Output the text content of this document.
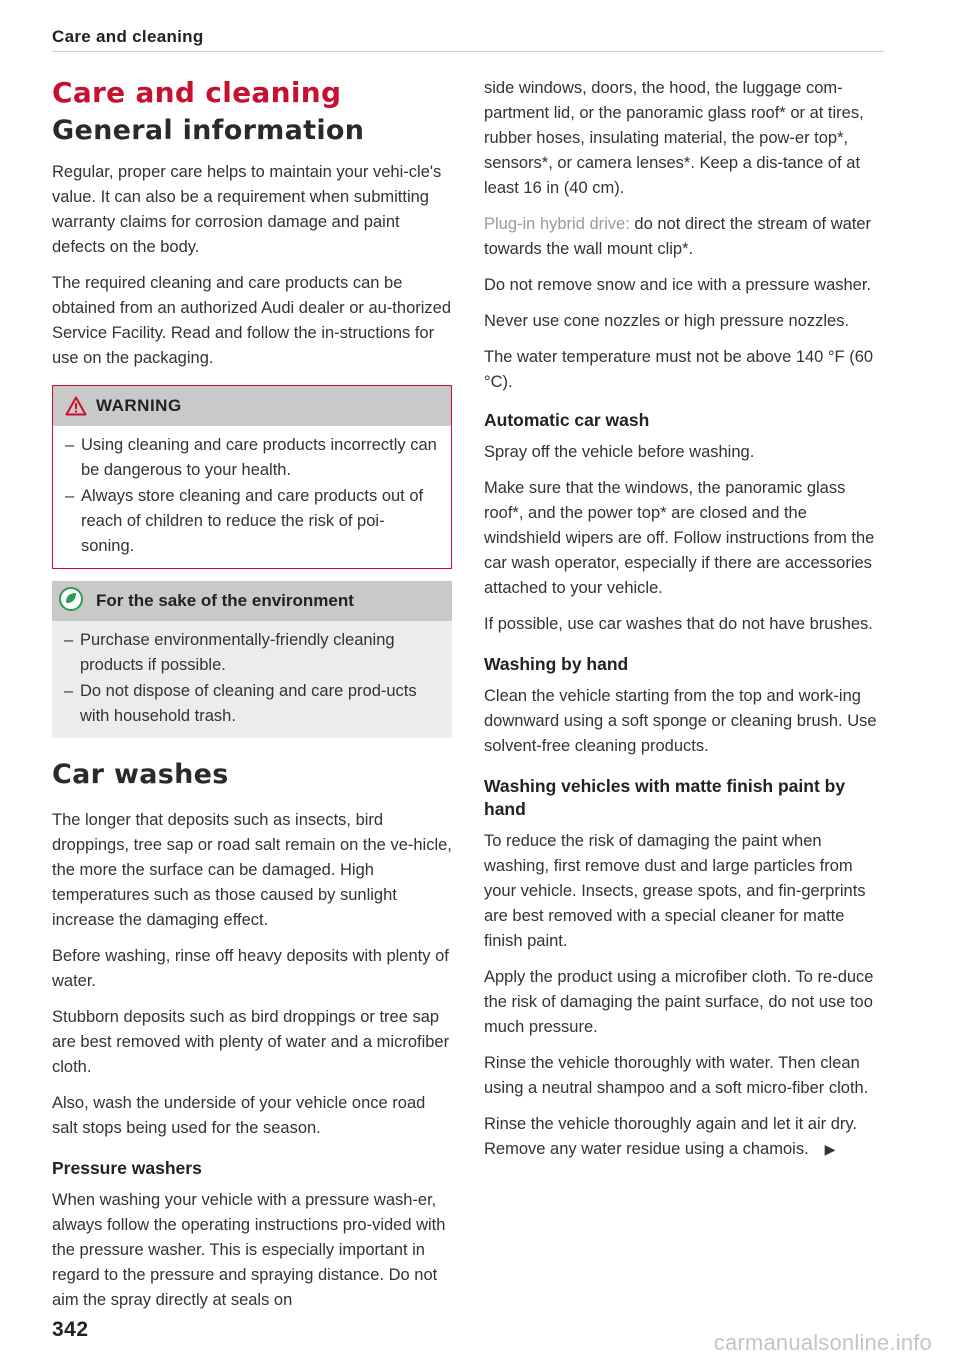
Care and cleaning
Care and cleaning
General information

Regular, proper care helps to maintain your vehi-cle's value. It can also be a requirement when submitting warranty claims for corrosion damage and paint defects on the body.

The required cleaning and care products can be obtained from an authorized Audi dealer or au-thorized Service Facility. Read and follow the in-structions for use on the packaging.

WARNING
– Using cleaning and care products incorrectly can be dangerous to your health.
– Always store cleaning and care products out of reach of children to reduce the risk of poi-soning.
For the sake of the environment
– Purchase environmentally-friendly cleaning products if possible.
– Do not dispose of cleaning and care prod-ucts with household trash.
Car washes

The longer that deposits such as insects, bird droppings, tree sap or road salt remain on the ve-hicle, the more the surface can be damaged. High temperatures such as those caused by sunlight increase the damaging effect.

Before washing, rinse off heavy deposits with plenty of water.

Stubborn deposits such as bird droppings or tree sap are best removed with plenty of water and a microfiber cloth.

Also, wash the underside of your vehicle once road salt stops being used for the season.

Pressure washers

When washing your vehicle with a pressure wash-er, always follow the operating instructions pro-vided with the pressure washer. This is especially important in regard to the pressure and spraying distance. Do not aim the spray directly at seals on

side windows, doors, the hood, the luggage com-partment lid, or the panoramic glass roof* or at tires, rubber hoses, insulating material, the pow-er top*, sensors*, or camera lenses*. Keep a dis-tance of at least 16 in (40 cm).

Plug-in hybrid drive: do not direct the stream of water towards the wall mount clip*.

Do not remove snow and ice with a pressure washer.

Never use cone nozzles or high pressure nozzles.

The water temperature must not be above 140 °F (60 °C).

Automatic car wash

Spray off the vehicle before washing.

Make sure that the windows, the panoramic glass roof*, and the power top* are closed and the windshield wipers are off. Follow instructions from the car wash operator, especially if there are accessories attached to your vehicle.

If possible, use car washes that do not have brushes.

Washing by hand

Clean the vehicle starting from the top and work-ing downward using a soft sponge or cleaning brush. Use solvent-free cleaning products.

Washing vehicles with matte finish paint by hand

To reduce the risk of damaging the paint when washing, first remove dust and large particles from your vehicle. Insects, grease spots, and fin-gerprints are best removed with a special cleaner for matte finish paint.

Apply the product using a microfiber cloth. To re-duce the risk of damaging the paint surface, do not use too much pressure.

Rinse the vehicle thoroughly with water. Then clean using a neutral shampoo and a soft micro-fiber cloth.

Rinse the vehicle thoroughly again and let it air dry. Remove any water residue using a chamois. ▶

342
carmanualsonline.info
